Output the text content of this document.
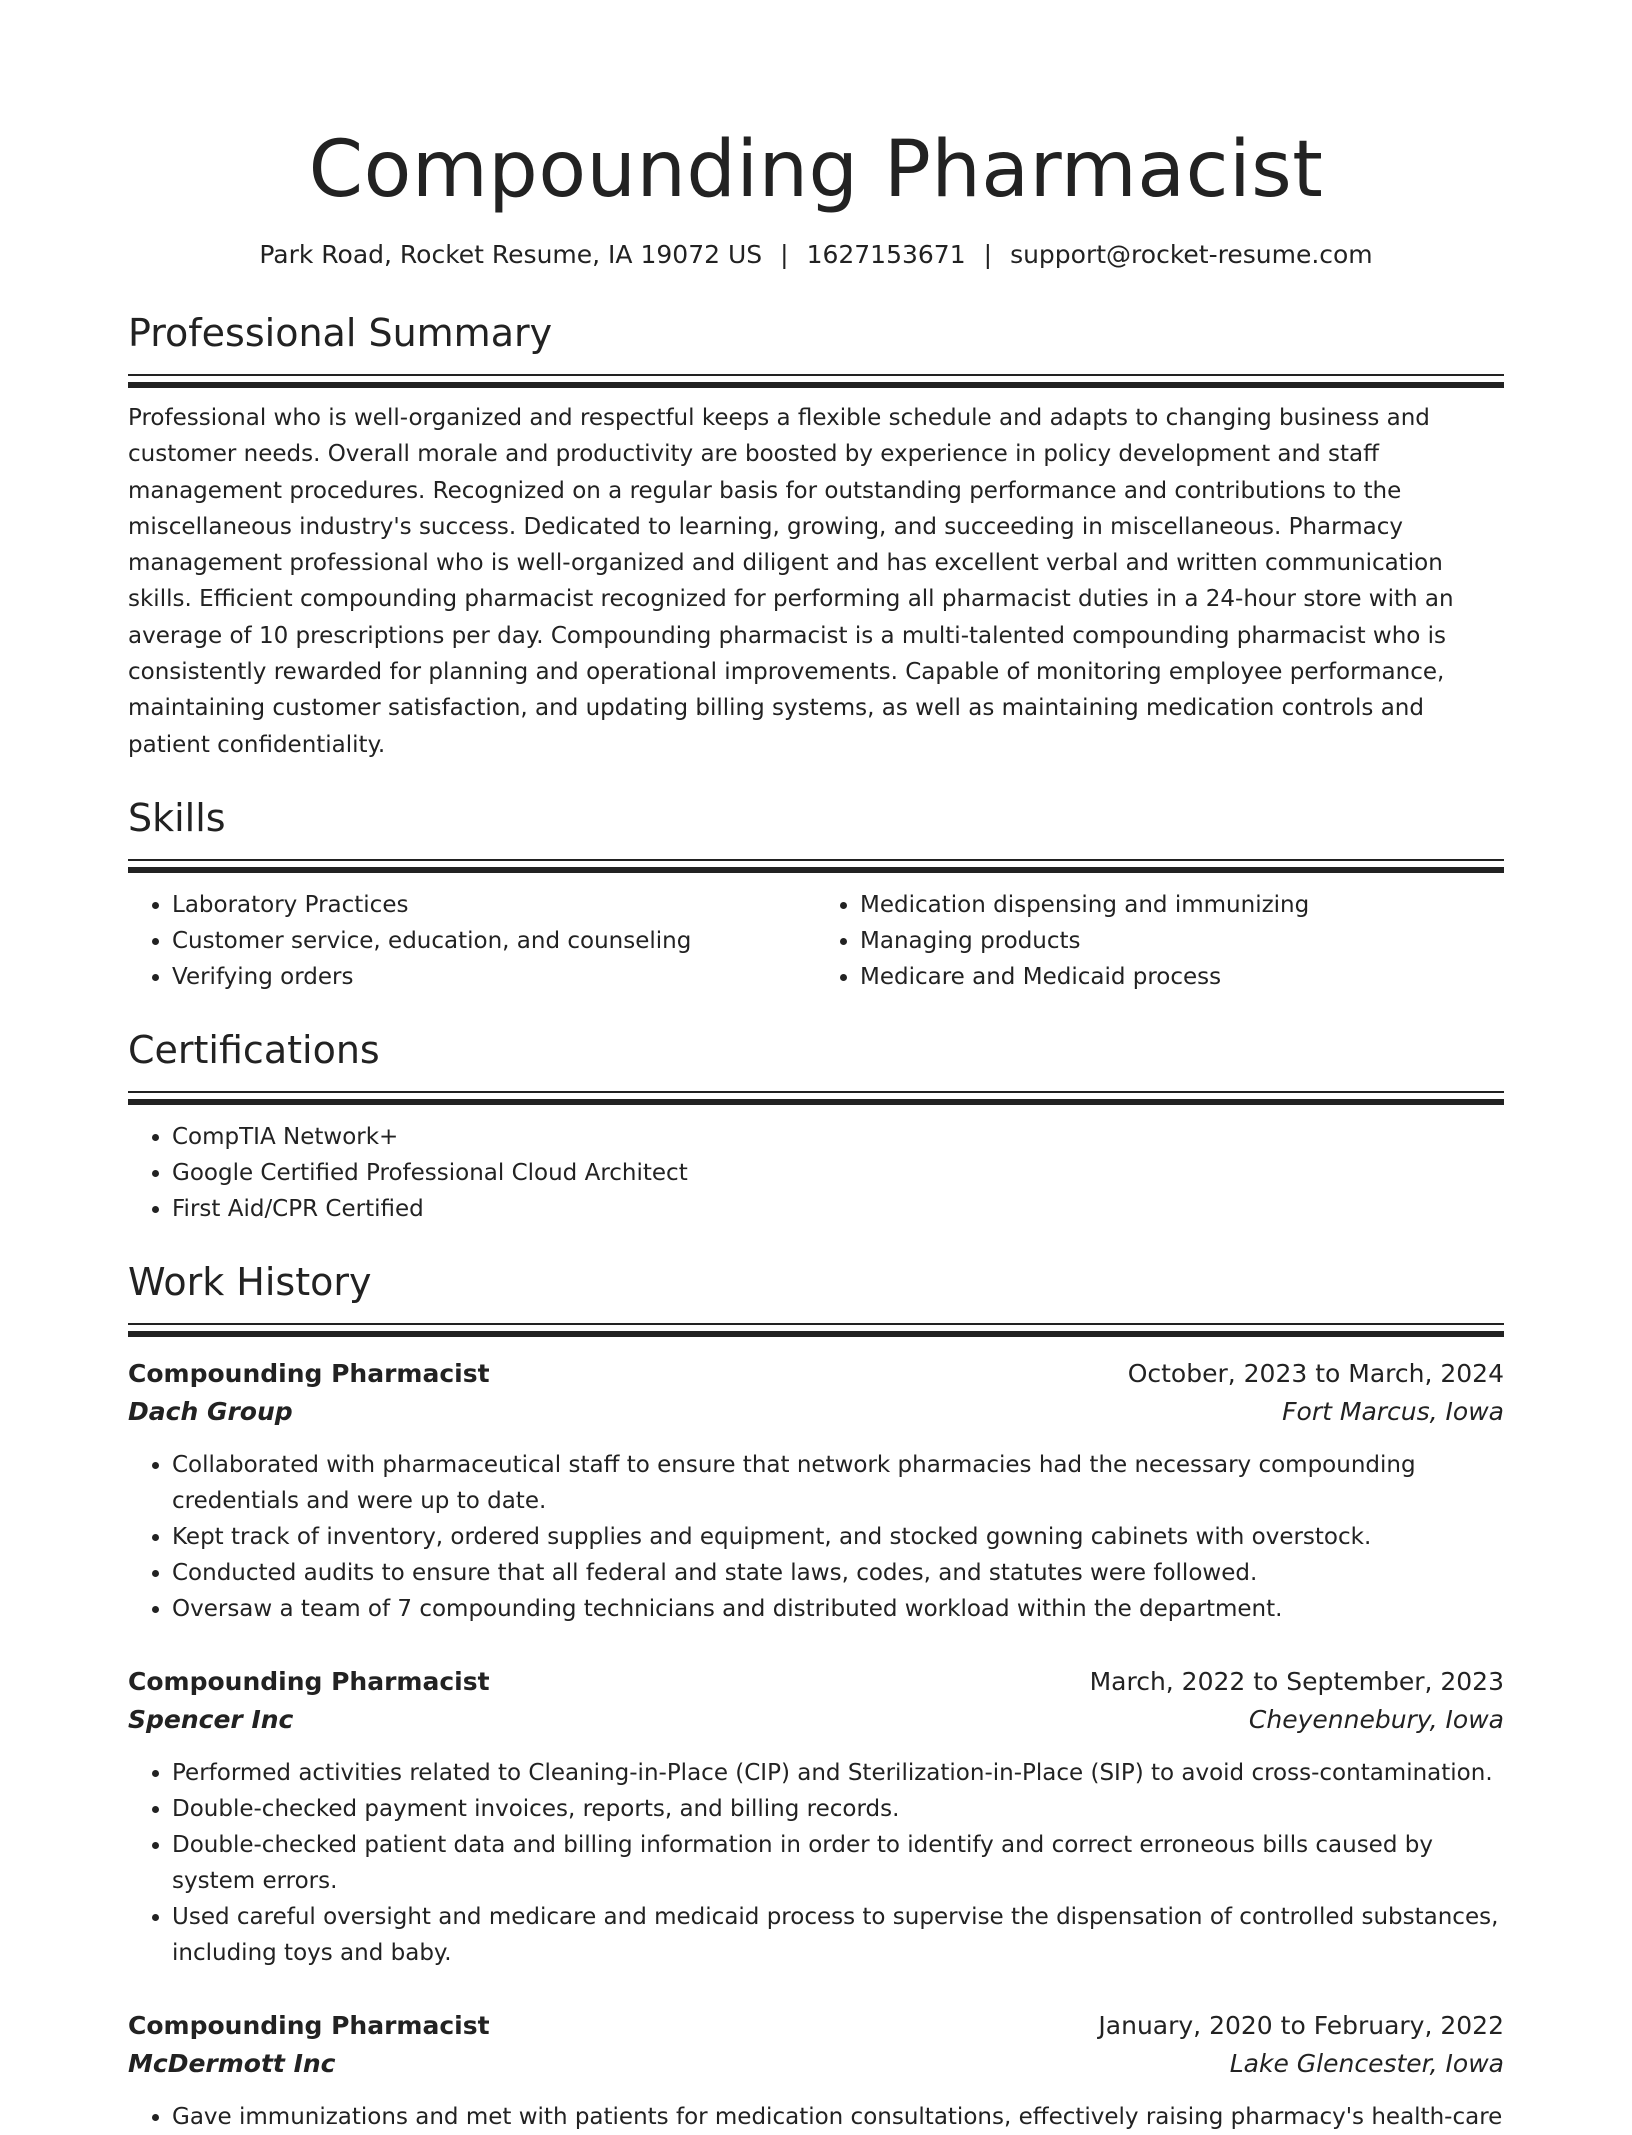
Compounding Pharmacist
Park Road, Rocket Resume, IA 19072 US | 1627153671 | support@rocket-resume.com
Professional Summary
Professional who is well-organized and respectful keeps a flexible schedule and adapts to changing business and customer needs. Overall morale and productivity are boosted by experience in policy development and staff management procedures. Recognized on a regular basis for outstanding performance and contributions to the miscellaneous industry's success. Dedicated to learning, growing, and succeeding in miscellaneous. Pharmacy management professional who is well-organized and diligent and has excellent verbal and written communication skills. Efficient compounding pharmacist recognized for performing all pharmacist duties in a 24-hour store with an average of 10 prescriptions per day. Compounding pharmacist is a multi-talented compounding pharmacist who is consistently rewarded for planning and operational improvements. Capable of monitoring employee performance, maintaining customer satisfaction, and updating billing systems, as well as maintaining medication controls and patient confidentiality.
Skills
• Laboratory Practices
• Customer service, education, and counseling
• Verifying orders
• Medication dispensing and immunizing
• Managing products
• Medicare and Medicaid process
Certifications
• CompTIA Network+
• Google Certified Professional Cloud Architect
• First Aid/CPR Certified
Work History
Compounding Pharmacist	October, 2023 to March, 2024
Dach Group	Fort Marcus, Iowa
• Collaborated with pharmaceutical staff to ensure that network pharmacies had the necessary compounding credentials and were up to date.
• Kept track of inventory, ordered supplies and equipment, and stocked gowning cabinets with overstock.
• Conducted audits to ensure that all federal and state laws, codes, and statutes were followed.
• Oversaw a team of 7 compounding technicians and distributed workload within the department.
Compounding Pharmacist	March, 2022 to September, 2023
Spencer Inc	Cheyennebury, Iowa
• Performed activities related to Cleaning-in-Place (CIP) and Sterilization-in-Place (SIP) to avoid cross-contamination.
• Double-checked payment invoices, reports, and billing records.
• Double-checked patient data and billing information in order to identify and correct erroneous bills caused by system errors.
• Used careful oversight and medicare and medicaid process to supervise the dispensation of controlled substances, including toys and baby.
Compounding Pharmacist	January, 2020 to February, 2022
McDermott Inc	Lake Glencester, Iowa
• Gave immunizations and met with patients for medication consultations, effectively raising pharmacy's health-care
